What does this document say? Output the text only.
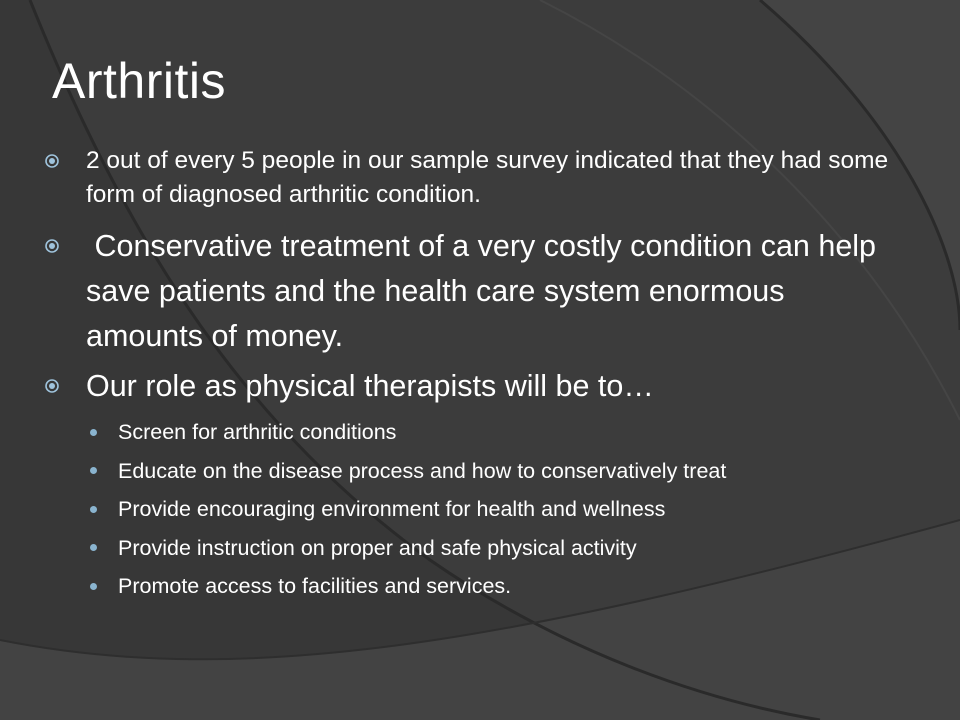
Arthritis
2 out of every 5 people in our sample survey indicated that they had some form of diagnosed arthritic condition.
Conservative treatment of a very costly condition can help save patients and the health care system enormous amounts of money.
Our role as physical therapists will be to…
Screen for arthritic conditions
Educate on the disease process and how to conservatively treat
Provide encouraging environment for health and wellness
Provide instruction on proper and safe physical activity
Promote access to facilities and services.
